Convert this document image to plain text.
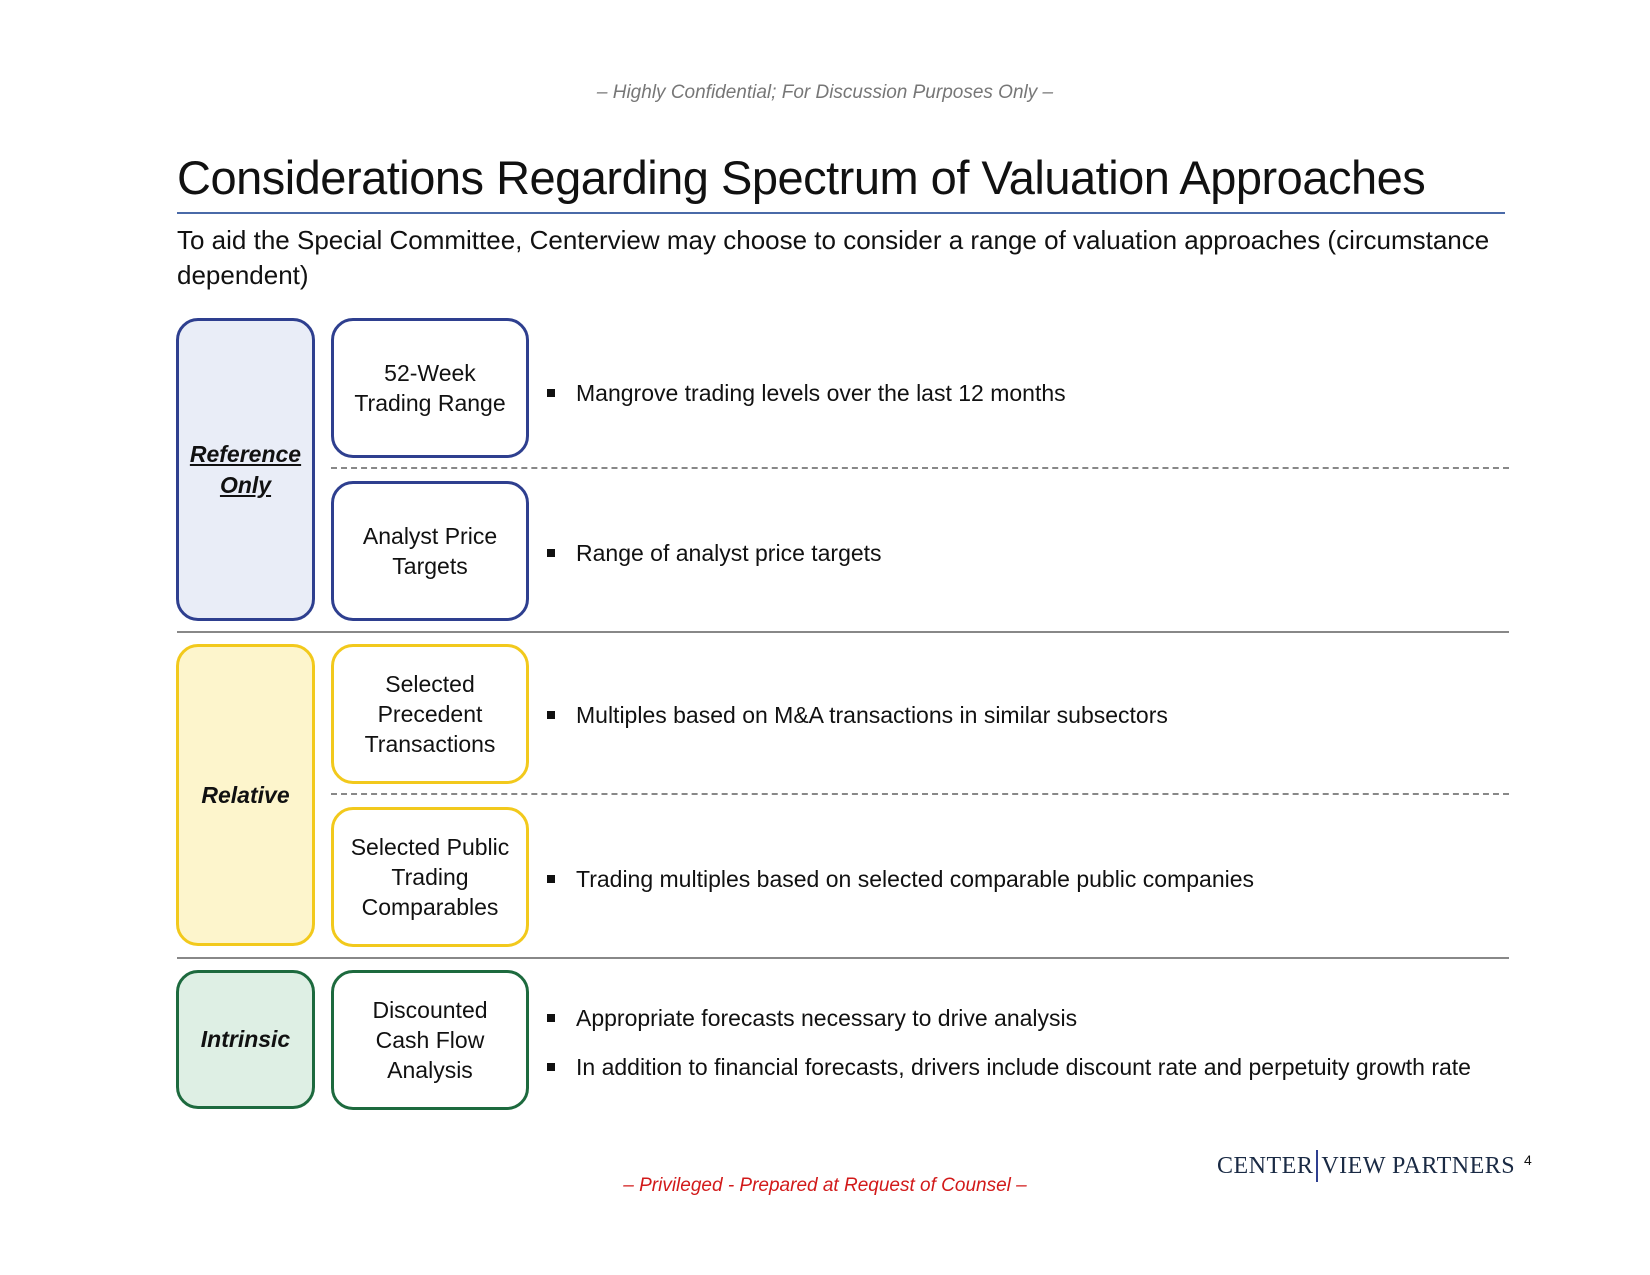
– Highly Confidential; For Discussion Purposes Only –
Considerations Regarding Spectrum of Valuation Approaches
To aid the Special Committee, Centerview may choose to consider a range of valuation approaches (circumstance dependent)
Reference Only
Relative
Intrinsic
52-Week
Trading Range
Analyst Price
Targets
Selected
Precedent
Transactions
Selected Public
Trading
Comparables
Discounted
Cash Flow
Analysis
Mangrove trading levels over the last 12 months
Range of analyst price targets
Multiples based on M&A transactions in similar subsectors
Trading multiples based on selected comparable public companies
Appropriate forecasts necessary to drive analysis
In addition to financial forecasts, drivers include discount rate and perpetuity growth rate
CENTER VIEW PARTNERS 4
– Privileged - Prepared at Request of Counsel –
